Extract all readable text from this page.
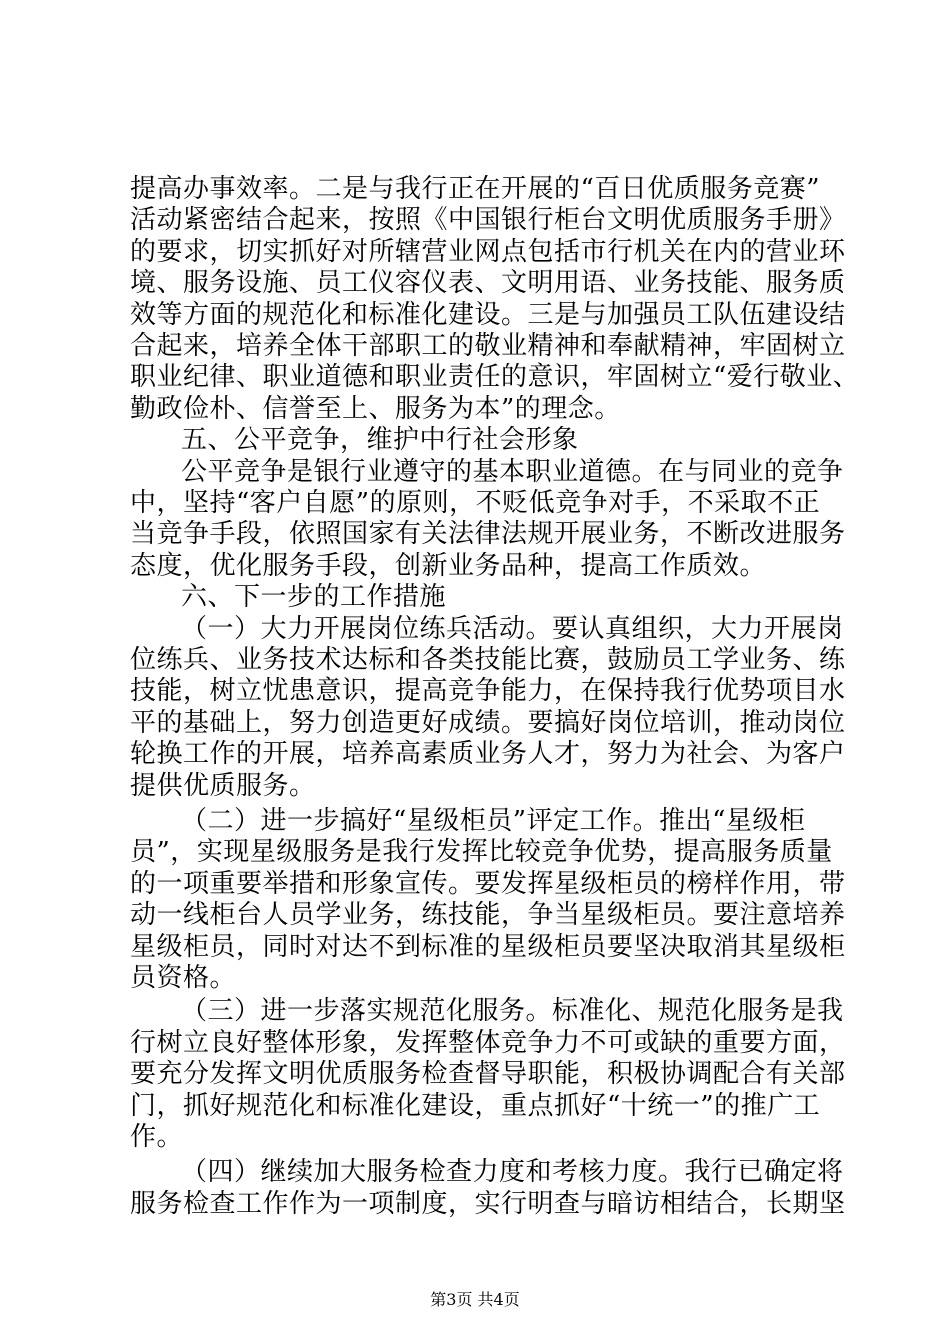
提高办事效率。二是与我行正在开展的“百日优质服务竞赛”
活动紧密结合起来，按照《中国银行柜台文明优质服务手册》
的要求，切实抓好对所辖营业网点包括市行机关在内的营业环
境、服务设施、员工仪容仪表、文明用语、业务技能、服务质
效等方面的规范化和标准化建设。三是与加强员工队伍建设结
合起来，培养全体干部职工的敬业精神和奉献精神，牢固树立
职业纪律、职业道德和职业责任的意识，牢固树立“爱行敬业、
勤政俭朴、信誉至上、服务为本”的理念。
五、公平竞争，维护中行社会形象
公平竞争是银行业遵守的基本职业道德。在与同业的竞争
中，坚持“客户自愿”的原则，不贬低竞争对手，不采取不正
当竞争手段，依照国家有关法律法规开展业务，不断改进服务
态度，优化服务手段，创新业务品种，提高工作质效。
六、下一步的工作措施
（一）大力开展岗位练兵活动。要认真组织，大力开展岗
位练兵、业务技术达标和各类技能比赛，鼓励员工学业务、练
技能，树立忧患意识，提高竞争能力，在保持我行优势项目水
平的基础上，努力创造更好成绩。要搞好岗位培训，推动岗位
轮换工作的开展，培养高素质业务人才，努力为社会、为客户
提供优质服务。
（二）进一步搞好“星级柜员”评定工作。推出“星级柜
员”，实现星级服务是我行发挥比较竞争优势，提高服务质量
的一项重要举措和形象宣传。要发挥星级柜员的榜样作用，带
动一线柜台人员学业务，练技能，争当星级柜员。要注意培养
星级柜员，同时对达不到标准的星级柜员要坚决取消其星级柜
员资格。
（三）进一步落实规范化服务。标准化、规范化服务是我
行树立良好整体形象，发挥整体竞争力不可或缺的重要方面，
要充分发挥文明优质服务检查督导职能，积极协调配合有关部
门，抓好规范化和标准化建设，重点抓好“十统一”的推广工
作。
（四）继续加大服务检查力度和考核力度。我行已确定将
服务检查工作作为一项制度，实行明查与暗访相结合，长期坚
第3页 共4页
